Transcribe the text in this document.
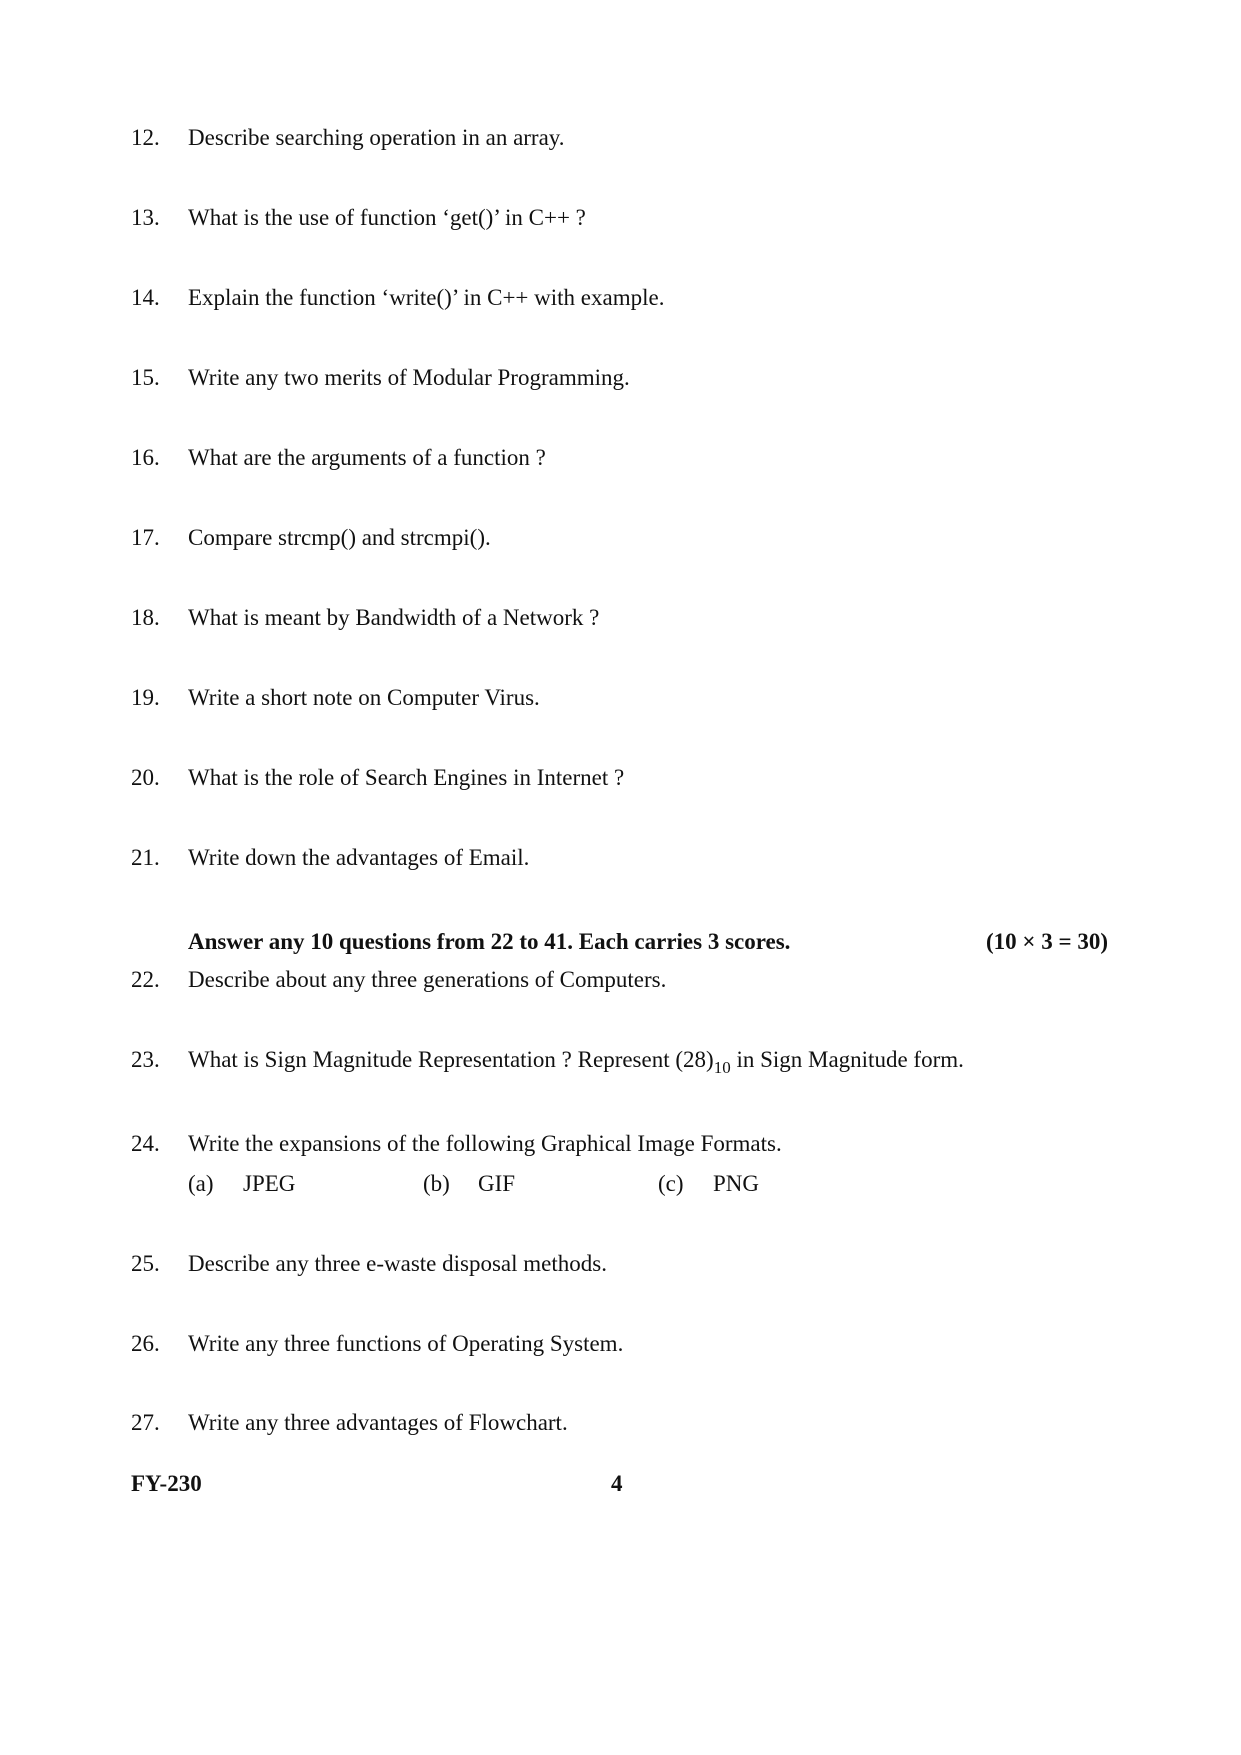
12. Describe searching operation in an array.
13. What is the use of function ‘get()’ in C++ ?
14. Explain the function ‘write()’ in C++ with example.
15. Write any two merits of Modular Programming.
16. What are the arguments of a function ?
17. Compare strcmp() and strcmpi().
18. What is meant by Bandwidth of a Network ?
19. Write a short note on Computer Virus.
20. What is the role of Search Engines in Internet ?
21. Write down the advantages of Email.
Answer any 10 questions from 22 to 41. Each carries 3 scores.	(10 × 3 = 30)
22. Describe about any three generations of Computers.
23. What is Sign Magnitude Representation ? Represent $(28)_{10}$ in Sign Magnitude form.
24. Write the expansions of the following Graphical Image Formats.
(a) JPEG	(b) GIF	(c) PNG
25. Describe any three e-waste disposal methods.
26. Write any three functions of Operating System.
27. Write any three advantages of Flowchart.
FY-230	4
